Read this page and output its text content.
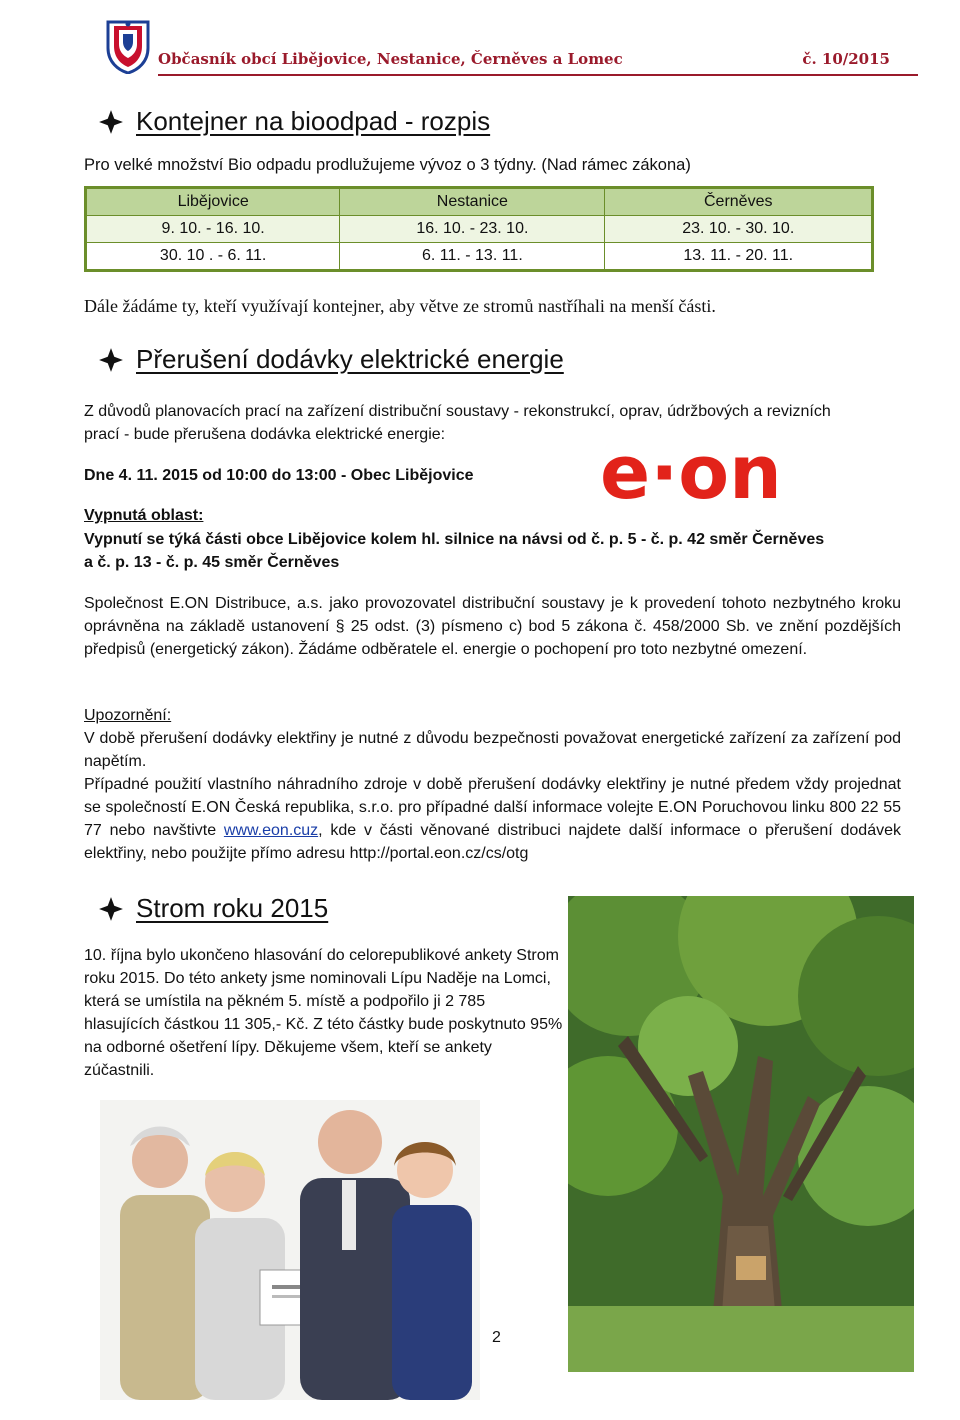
Občasník obcí Libějovice, Nestanice, Černěves a Lomec	č. 10/2015
Kontejner na bioodpad - rozpis
Pro velké množství Bio odpadu prodlužujeme vývoz o 3 týdny. (Nad rámec zákona)
Libějovice	Nestanice	Černěves
9. 10. - 16. 10.	16. 10. - 23. 10.	23. 10. - 30. 10.
30. 10 . - 6. 11.	6. 11. - 13. 11.	13. 11. - 20. 11.
Dále žádáme ty, kteří využívají kontejner, aby větve ze stromů nastříhali na menší části.
Přerušení dodávky elektrické energie
Z důvodů planovacích prací na zařízení distribuční soustavy - rekonstrukcí, oprav, údržbových a revizních
prací - bude přerušena dodávka elektrické energie:
Dne 4. 11. 2015 od 10:00 do 13:00 - Obec Libějovice e·on
Vypnutá oblast:
Vypnutí se týká části obce Libějovice kolem hl. silnice na návsi od č. p. 5 - č. p. 42 směr Černěves
a č. p. 13 - č. p. 45 směr Černěves
Společnost E.ON Distribuce, a.s. jako provozovatel distribuční soustavy je k provedení tohoto nezbytného kroku oprávněna na základě ustanovení § 25 odst. (3) písmeno c) bod 5 zákona č. 458/2000 Sb. ve znění pozdějších předpisů (energetický zákon). Žádáme odběratele el. energie o pochopení pro toto nezbytné omezení.
Upozornění:
V době přerušení dodávky elektřiny je nutné z důvodu bezpečnosti považovat energetické zařízení za zařízení pod napětím.
Případné použití vlastního náhradního zdroje v době přerušení dodávky elektřiny je nutné předem vždy projednat se společností E.ON Česká republika, s.r.o. pro případné další informace volejte E.ON Poruchovou linku 800 22 55 77 nebo navštivte www.eon.cuz, kde v části věnované distribuci najdete další informace o přerušení dodávek elektřiny, nebo použijte přímo adresu http://portal.eon.cz/cs/otg
Strom roku 2015
10. října bylo ukončeno hlasování do celorepublikové ankety Strom roku 2015. Do této ankety jsme nominovali Lípu Naděje na Lomci, která se umístila na pěkném 5. místě a podpořilo ji 2 785 hlasujících částkou 11 305,- Kč. Z této částky bude poskytnuto 95% na odborné ošetření lípy. Děkujeme všem, kteří se ankety zúčastnili.
2
